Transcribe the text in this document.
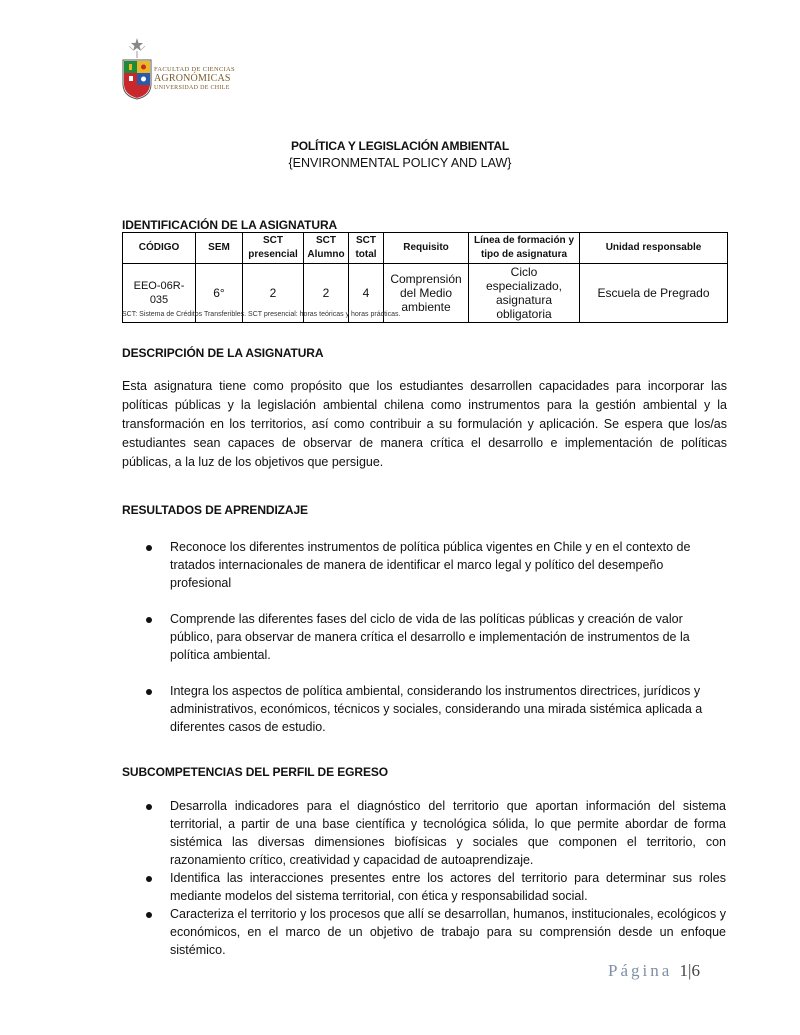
FACULTAD DE CIENCIAS
AGRONÓMICAS
UNIVERSIDAD DE CHILE
POLÍTICA Y LEGISLACIÓN AMBIENTAL
{ENVIRONMENTAL POLICY AND LAW}
IDENTIFICACIÓN DE LA ASIGNATURA
CÓDIGO	SEM	SCT presencial	SCT Alumno	SCT total	Requisito	Línea de formación y tipo de asignatura	Unidad responsable
EEO-06R-035	6°	2	2	4	Comprensión del Medio ambiente	Ciclo especializado, asignatura obligatoria	Escuela de Pregrado
SCT: Sistema de Créditos Transferibles. SCT presencial: horas teóricas y horas prácticas.
DESCRIPCIÓN DE LA ASIGNATURA
Esta asignatura tiene como propósito que los estudiantes desarrollen capacidades para incorporar las políticas públicas y la legislación ambiental chilena como instrumentos para la gestión ambiental y la transformación en los territorios, así como contribuir a su formulación y aplicación. Se espera que los/as estudiantes sean capaces de observar de manera crítica el desarrollo e implementación de políticas públicas, a la luz de los objetivos que persigue.
RESULTADOS DE APRENDIZAJE
Reconoce los diferentes instrumentos de política pública vigentes en Chile y en el contexto de tratados internacionales de manera de identificar el marco legal y político del desempeño profesional
Comprende las diferentes fases del ciclo de vida de las políticas públicas y creación de valor público, para observar de manera crítica el desarrollo e implementación de instrumentos de la política ambiental.
Integra los aspectos de política ambiental, considerando los instrumentos directrices, jurídicos y administrativos, económicos, técnicos y sociales, considerando una mirada sistémica aplicada a diferentes casos de estudio.
SUBCOMPETENCIAS DEL PERFIL DE EGRESO
Desarrolla indicadores para el diagnóstico del territorio que aportan información del sistema territorial, a partir de una base científica y tecnológica sólida, lo que permite abordar de forma sistémica las diversas dimensiones biofísicas y sociales que componen el territorio, con razonamiento crítico, creatividad y capacidad de autoaprendizaje.
Identifica las interacciones presentes entre los actores del territorio para determinar sus roles mediante modelos del sistema territorial, con ética y responsabilidad social.
Caracteriza el territorio y los procesos que allí se desarrollan, humanos, institucionales, ecológicos y económicos, en el marco de un objetivo de trabajo para su comprensión desde un enfoque sistémico.
Página 1|6
